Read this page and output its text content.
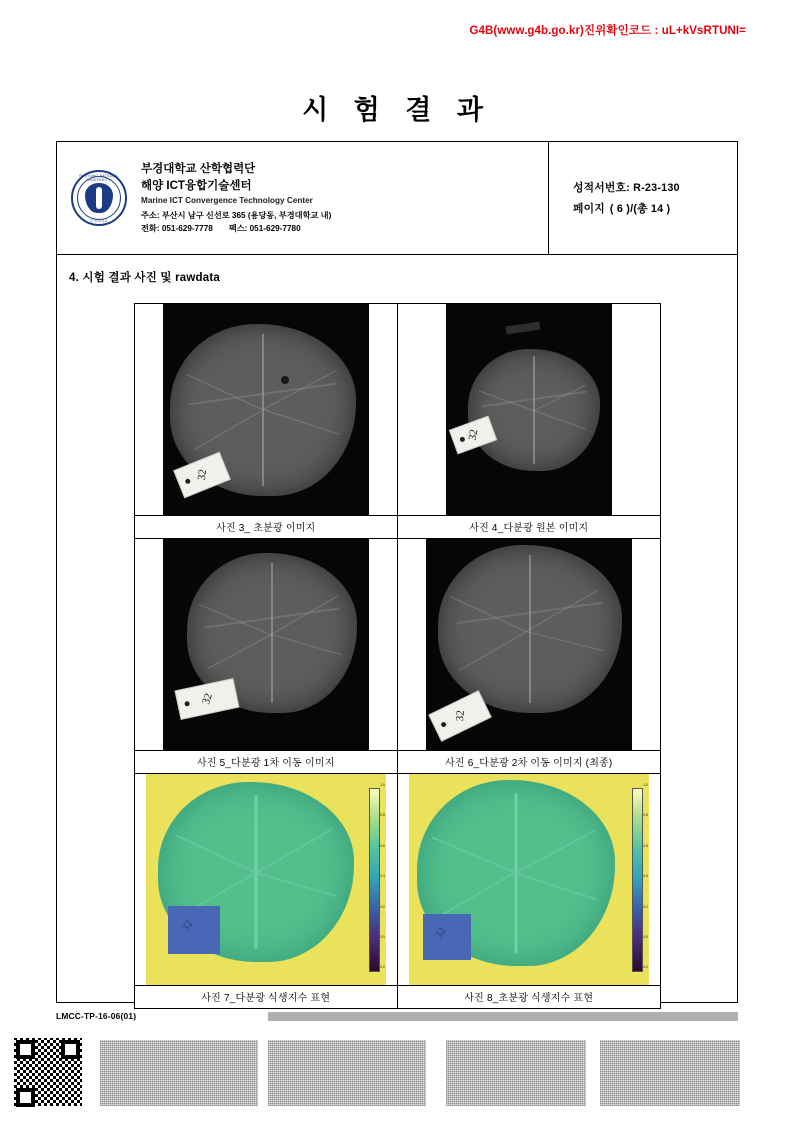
G4B(www.g4b.go.kr)진위확인코드 : uL+kVsRTUNI=
시 험 결 과
PUKYONG NATIONAL UNIVERSITY
부경대학교
부경대학교 산학협력단
해양 ICT융합기술센터
Marine ICT Convergence Technology Center
주소: 부산시 남구 신선로 365 (용당동, 부경대학교 내)
전화: 051-629-7778 팩스: 051-629-7780
성적서번호: R-23-130
페이지 ( 6 )/(총 14 )
4. 시험 결과 사진 및 rawdata
32
사진 3_ 초분광 이미지
32
사진 4_다분광 원본 이미지
32
사진 5_다분광 1차 이동 이미지
32
사진 6_다분광 2차 이동 이미지 (최종)
32
1.0
0.8
0.6
0.4
0.2
0.0
-0.2
사진 7_다분광 식생지수 표현
32
1.0
0.8
0.6
0.4
0.2
0.0
-0.2
사진 8_초분광 식생지수 표현
LMCC-TP-16-06(01)
